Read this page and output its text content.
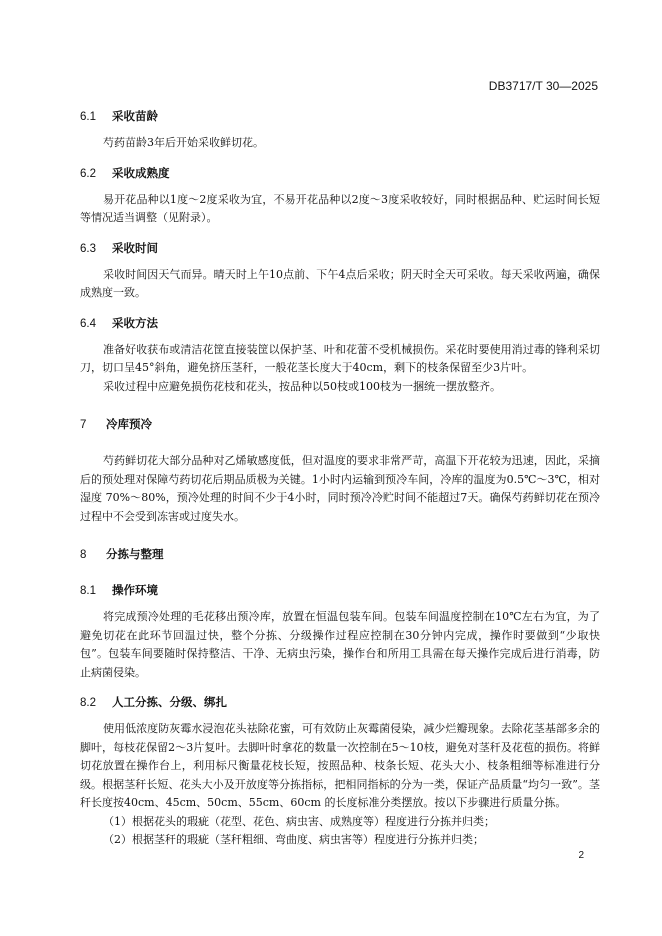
DB3717/T 30—2025
6.1 采收苗龄

芍药苗龄3年后开始采收鲜切花。

6.2 采收成熟度

易开花品种以1度～2度采收为宜，不易开花品种以2度～3度采收较好，同时根据品种、贮运时间长短等情况适当调整（见附录）。

6.3 采收时间

采收时间因天气而异。晴天时上午10点前、下午4点后采收；阴天时全天可采收。每天采收两遍，确保成熟度一致。

6.4 采收方法

准备好收获布或清洁花筐直接装筐以保护茎、叶和花蕾不受机械损伤。采花时要使用消过毒的锋利采切刀，切口呈45°斜角，避免挤压茎秆，一般花茎长度大于40cm，剩下的枝条保留至少3片叶。

采收过程中应避免损伤花枝和花头，按品种以50枝或100枝为一捆统一摆放整齐。

7 冷库预冷

芍药鲜切花大部分品种对乙烯敏感度低，但对温度的要求非常严苛，高温下开花较为迅速，因此，采摘后的预处理对保障芍药切花后期品质极为关键。1小时内运输到预冷车间，冷库的温度为0.5℃～3℃，相对湿度 70%～80%，预冷处理的时间不少于4小时，同时预冷冷贮时间不能超过7天。确保芍药鲜切花在预冷过程中不会受到冻害或过度失水。

8 分拣与整理
8.1 操作环境

将完成预冷处理的毛花移出预冷库，放置在恒温包装车间。包装车间温度控制在10℃左右为宜，为了避免切花在此环节回温过快，整个分拣、分级操作过程应控制在30分钟内完成，操作时要做到“少取快包”。包装车间要随时保持整洁、干净、无病虫污染，操作台和所用工具需在每天操作完成后进行消毒，防止病菌侵染。

8.2 人工分拣、分级、绑扎

使用低浓度防灰霉水浸泡花头祛除花蜜，可有效防止灰霉菌侵染，减少烂瓣现象。去除花茎基部多余的脚叶，每枝花保留2～3片复叶。去脚叶时拿花的数量一次控制在5～10枝，避免对茎秆及花苞的损伤。将鲜切花放置在操作台上，利用标尺衡量花枝长短，按照品种、枝条长短、花头大小、枝条粗细等标准进行分级。根据茎秆长短、花头大小及开放度等分拣指标，把相同指标的分为一类，保证产品质量“均匀一致”。茎秆长度按40cm、45cm、50cm、55cm、60cm 的长度标准分类摆放。按以下步骤进行质量分拣。

（1）根据花头的瑕疵（花型、花色、病虫害、成熟度等）程度进行分拣并归类；

（2）根据茎秆的瑕疵（茎秆粗细、弯曲度、病虫害等）程度进行分拣并归类；

2
